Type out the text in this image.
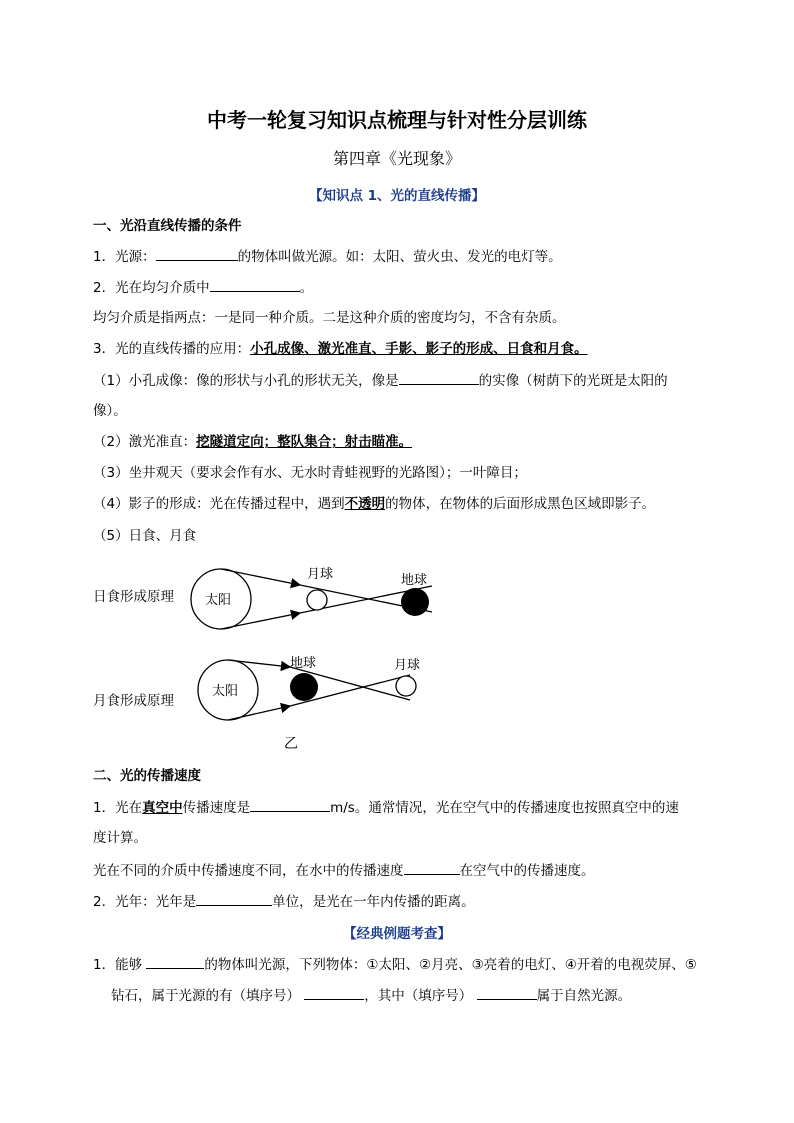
中考一轮复习知识点梳理与针对性分层训练
第四章《光现象》
【知识点 1、光的直线传播】
一、光沿直线传播的条件
1．光源：	的物体叫做光源。如：太阳、萤火虫、发光的电灯等。
2．光在均匀介质中	。
均匀介质是指两点：一是同一种介质。二是这种介质的密度均匀，不含有杂质。
3．光的直线传播的应用：小孔成像、激光准直、手影、影子的形成、日食和月食。
（1）小孔成像：像的形状与小孔的形状无关，像是	的实像（树荫下的光斑是太阳的
像）。
（2）激光准直：挖隧道定向；整队集合；射击瞄准。
（3）坐井观天（要求会作有水、无水时青蛙视野的光路图）；一叶障目；
（4）影子的形成：光在传播过程中，遇到不透明的物体，在物体的后面形成黑色区域即影子。
（5）日食、月食
日食形成原理
月食形成原理
太阳
月球	地球
太阳
地球	月球
乙
二、光的传播速度
1．光在真空中传播速度是	m/s。通常情况，光在空气中的传播速度也按照真空中的速
度计算。
光在不同的介质中传播速度不同，在水中的传播速度	在空气中的传播速度。
2．光年：光年是	单位，是光在一年内传播的距离。
【经典例题考查】
1．能够	的物体叫光源，下列物体：①太阳、②月亮、③亮着的电灯、④开着的电视荧屏、⑤
钻石，属于光源的有（填序号）	，其中（填序号）	属于自然光源。
